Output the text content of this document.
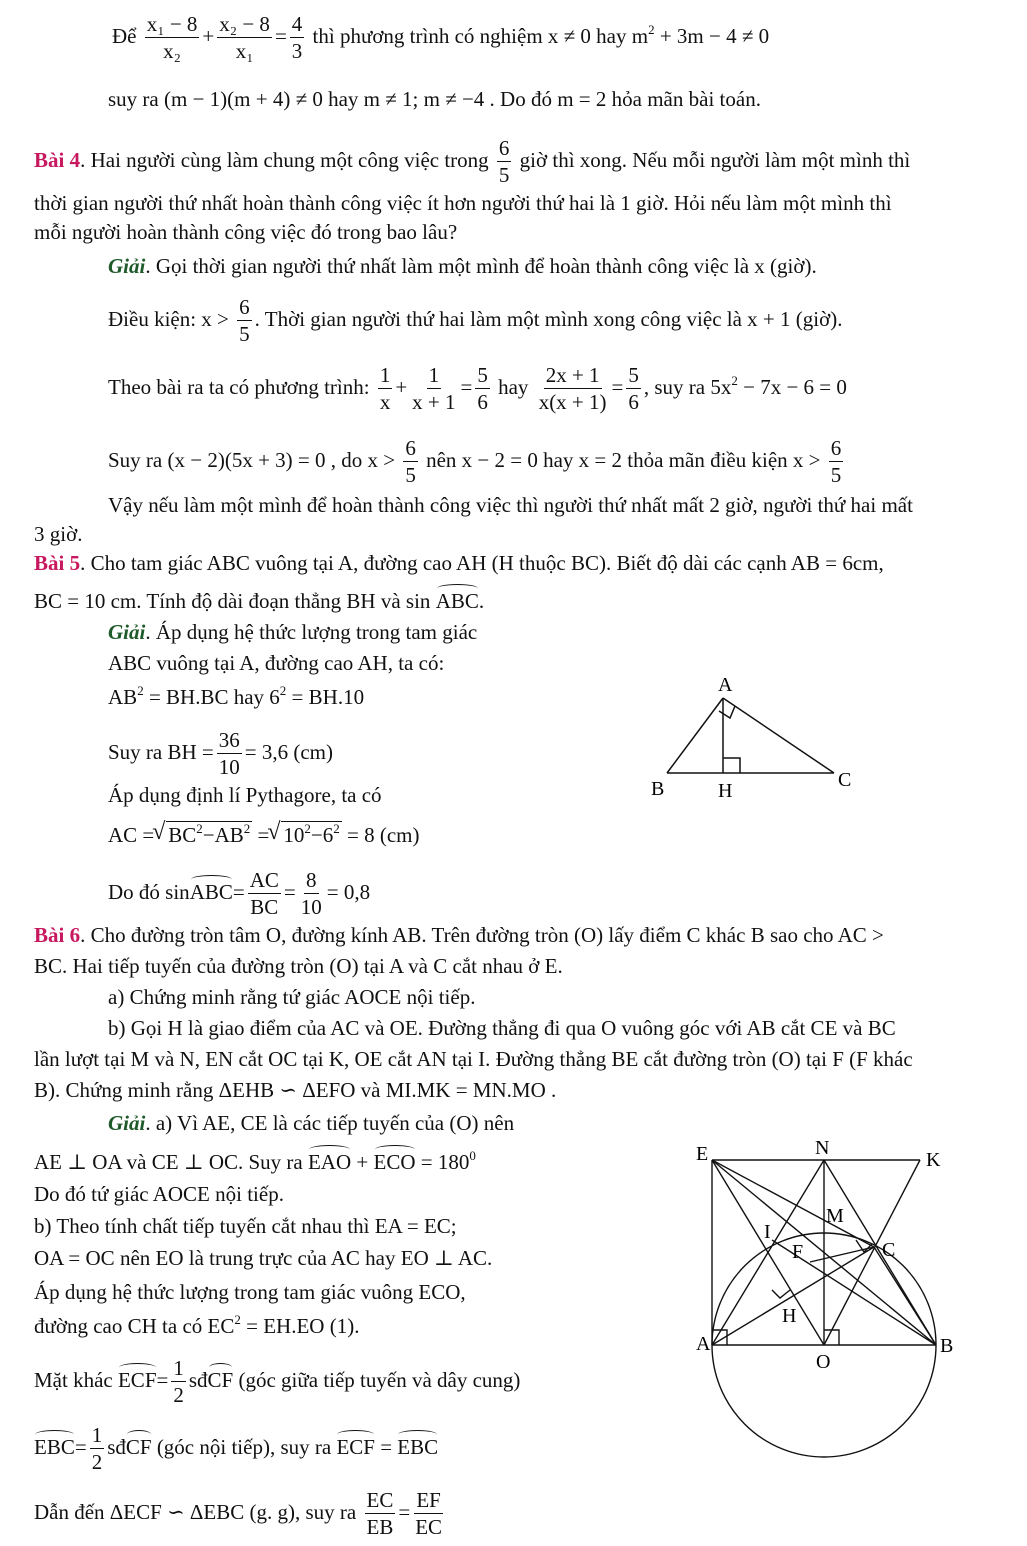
Để $\frac{\text{x₁ − 8}}{\text{x₂}} + \frac{\text{x₂ − 8}}{\text{x₁}} = \frac{4}{3}$ thì phương trình có nghiệm x ≠ 0 hay $m^2 + 3m - 4 \ne 0$
suy ra (m − 1)(m + 4) ≠ 0 hay m ≠ 1; m ≠ −4 . Do đó m = 2 hỏa mãn bài toán.
Bài 4. Hai người cùng làm chung một công việc trong $\frac{6}{5}$ giờ thì xong. Nếu mỗi người làm một mình thì
thời gian người thứ nhất hoàn thành công việc ít hơn người thứ hai là 1 giờ. Hỏi nếu làm một mình thì
mỗi người hoàn thành công việc đó trong bao lâu?
Giải. Gọi thời gian người thứ nhất làm một mình để hoàn thành công việc là x (giờ).
Điều kiện: $x > \frac{6}{5}$ . Thời gian người thứ hai làm một mình xong công việc là x + 1 (giờ).
Theo bài ra ta có phương trình: $\frac{1}{x} + \frac{1}{x + 1} = \frac{5}{6}$ hay $\frac{2x + 1}{x(x + 1)} = \frac{5}{6}$ , suy ra $5x^2 - 7x - 6 = 0$
Suy ra (x − 2)(5x + 3) = 0 , do $x > \frac{6}{5}$ nên x − 2 = 0 hay x = 2 thỏa mãn điều kiện $x > \frac{6}{5}$
Vậy nếu làm một mình để hoàn thành công việc thì người thứ nhất mất 2 giờ, người thứ hai mất
3 giờ.
Bài 5. Cho tam giác ABC vuông tại A, đường cao AH (H thuộc BC). Biết độ dài các cạnh AB = 6cm,
BC = 10 cm. Tính độ dài đoạn thẳng BH và sin ABC.
Giải. Áp dụng hệ thức lượng trong tam giác
ABC vuông tại A, đường cao AH, ta có:
$AB^2 = BH.BC$ hay $6^2 = BH.10$
Suy ra BH = $\frac{36}{10} = 3,6$ (cm)
Áp dụng định lí Pythagore, ta có
AC = √ $BC^2-AB^2$ = √ $10^2-6^2 = 8$ (cm)
Do đó sinABC= $\frac{AC}{BC} = \frac{8}{10} = 0,8$
A
B	H	C
Bài 6. Cho đường tròn tâm O, đường kính AB. Trên đường tròn (O) lấy điểm C khác B sao cho AC >
BC. Hai tiếp tuyến của đường tròn (O) tại A và C cắt nhau ở E.
a) Chứng minh rằng tứ giác AOCE nội tiếp.
b) Gọi H là giao điểm của AC và OE. Đường thẳng đi qua O vuông góc với AB cắt CE và BC
lần lượt tại M và N, EN cắt OC tại K, OE cắt AN tại I. Đường thẳng BE cắt đường tròn (O) tại F (F khác
B). Chứng minh rằng ΔEHB ∽ ΔEFO và MI.MK = MN.MO .
Giải. a) Vì AE, CE là các tiếp tuyến của (O) nên
AE ⊥ OA và CE ⊥ OC. Suy ra EAO + ECO = $180^0$
Do đó tứ giác AOCE nội tiếp.
b) Theo tính chất tiếp tuyến cắt nhau thì EA = EC;
OA = OC nên EO là trung trực của AC hay EO ⊥ AC.
Áp dụng hệ thức lượng trong tam giác vuông ECO,
đường cao CH ta có $EC^2 = EH.EO$ (1).
Mặt khác $ECF= \frac{1}{2}$ sđCF (góc giữa tiếp tuyến và dây cung)
$EBC= \frac{1}{2}$ sđCF (góc nội tiếp), suy ra ECF = EBC
Dẫn đến ΔECF ∽ ΔEBC (g. g), suy ra $\frac{EC}{EB} = \frac{EF}{EC}$
E	N
K
M
I
F	C
H
A
O
B
